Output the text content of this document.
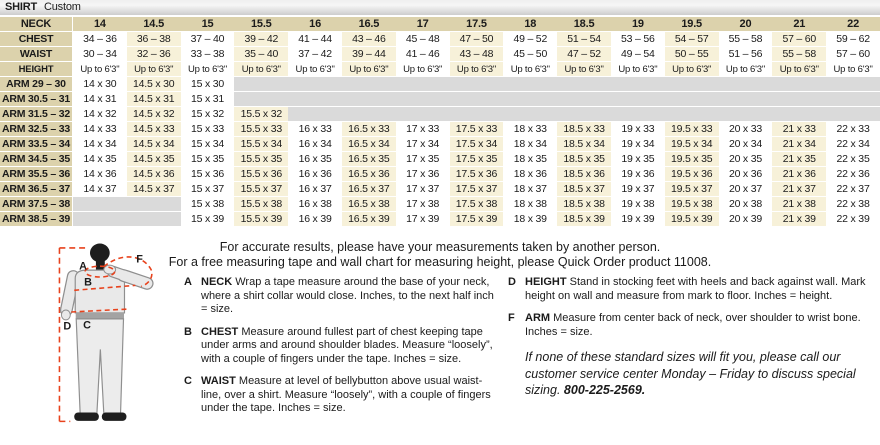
SHIRT Custom
NECK	14	14.5	15	15.5	16	16.5	17	17.5	18	18.5	19	19.5	20	21	22
CHEST	34 – 36	36 – 38	37 – 40	39 – 42	41 – 44	43 – 46	45 – 48	47 – 50	49 – 52	51 – 54	53 – 56	54 – 57	55 – 58	57 – 60	59 – 62
WAIST	30 – 34	32 – 36	33 – 38	35 – 40	37 – 42	39 – 44	41 – 46	43 – 48	45 – 50	47 – 52	49 – 54	50 – 55	51 – 56	55 – 58	57 – 60
HEIGHT	Up to 6'3"	Up to 6'3"	Up to 6'3"	Up to 6'3"	Up to 6'3"	Up to 6'3"	Up to 6'3"	Up to 6'3"	Up to 6'3"	Up to 6'3"	Up to 6'3"	Up to 6'3"	Up to 6'3"	Up to 6'3"	Up to 6'3"
ARM 29 – 30	14 x 30	14.5 x 30	15 x 30												
ARM 30.5 – 31	14 x 31	14.5 x 31	15 x 31												
ARM 31.5 – 32	14 x 32	14.5 x 32	15 x 32	15.5 x 32											
ARM 32.5 – 33	14 x 33	14.5 x 33	15 x 33	15.5 x 33	16 x 33	16.5 x 33	17 x 33	17.5 x 33	18 x 33	18.5 x 33	19 x 33	19.5 x 33	20 x 33	21 x 33	22 x 33
ARM 33.5 – 34	14 x 34	14.5 x 34	15 x 34	15.5 x 34	16 x 34	16.5 x 34	17 x 34	17.5 x 34	18 x 34	18.5 x 34	19 x 34	19.5 x 34	20 x 34	21 x 34	22 x 34
ARM 34.5 – 35	14 x 35	14.5 x 35	15 x 35	15.5 x 35	16 x 35	16.5 x 35	17 x 35	17.5 x 35	18 x 35	18.5 x 35	19 x 35	19.5 x 35	20 x 35	21 x 35	22 x 35
ARM 35.5 – 36	14 x 36	14.5 x 36	15 x 36	15.5 x 36	16 x 36	16.5 x 36	17 x 36	17.5 x 36	18 x 36	18.5 x 36	19 x 36	19.5 x 36	20 x 36	21 x 36	22 x 36
ARM 36.5 – 37	14 x 37	14.5 x 37	15 x 37	15.5 x 37	16 x 37	16.5 x 37	17 x 37	17.5 x 37	18 x 37	18.5 x 37	19 x 37	19.5 x 37	20 x 37	21 x 37	22 x 37
ARM 37.5 – 38			15 x 38	15.5 x 38	16 x 38	16.5 x 38	17 x 38	17.5 x 38	18 x 38	18.5 x 38	19 x 38	19.5 x 38	20 x 38	21 x 38	22 x 38
ARM 38.5 – 39			15 x 39	15.5 x 39	16 x 39	16.5 x 39	17 x 39	17.5 x 39	18 x 39	18.5 x 39	19 x 39	19.5 x 39	20 x 39	21 x 39	22 x 39
For accurate results, please have your measurements taken by another person.
For a free measuring tape and wall chart for measuring height, please Quick Order product 11008.
A
B
C
D
F
A NECK Wrap a tape measure around the base of your neck, where a shirt collar would close. Inches, to the next half inch = size.

B CHEST Measure around fullest part of chest keeping tape under arms and around shoulder blades. Measure “loosely”, with a couple of fingers under the tape. Inches = size.

C WAIST Measure at level of bellybutton above usual waist-line, over a shirt. Measure “loosely”, with a couple of fingers under the tape. Inches = size.

D HEIGHT Stand in stocking feet with heels and back against wall. Mark height on wall and measure from mark to floor. Inches = height.

F ARM Measure from center back of neck, over shoulder to wrist bone. Inches = size.

If none of these standard sizes will fit you, please call our customer service center Monday – Friday to discuss special sizing. 800-225-2569.
